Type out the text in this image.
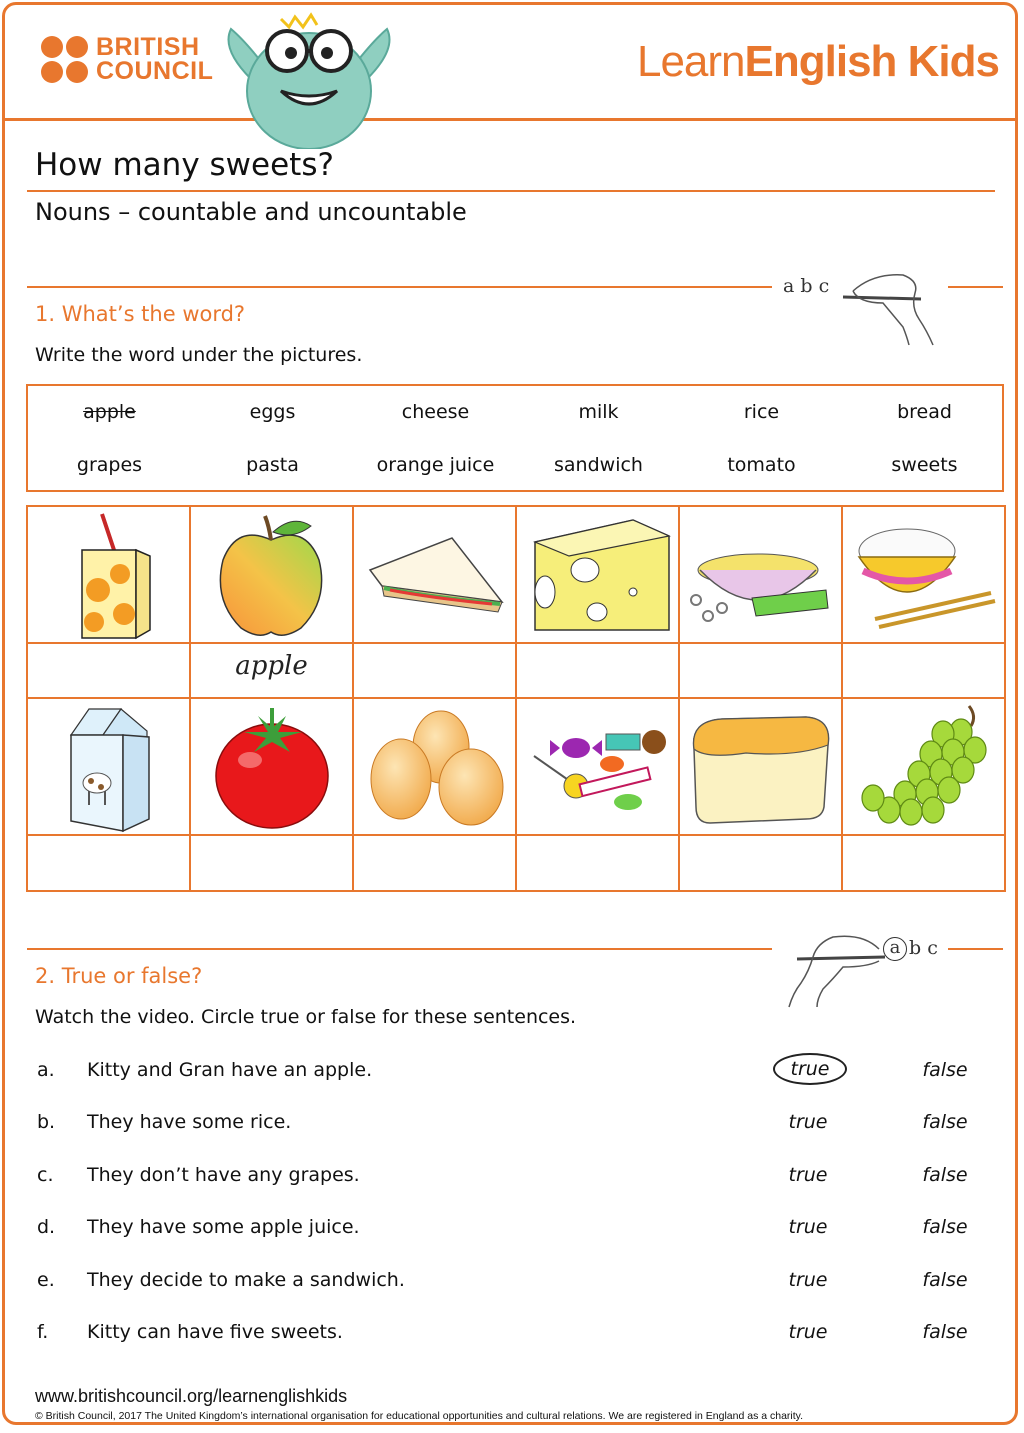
BRITISH
COUNCIL	LearnEnglish Kids
How many sweets?
Nouns – countable and uncountable
a b c
1. What’s the word?
Write the word under the pictures.
apple	eggs	cheese	milk	rice	bread
grapes	pasta	orange juice	sandwich	tomato	sweets
apple
a b c
2. True or false?
Watch the video. Circle true or false for these sentences.
a. Kitty and Gran have an apple.	true	false
b. They have some rice.	true	false
c. They don’t have any grapes.	true	false
d. They have some apple juice.	true	false
e. They decide to make a sandwich.	true	false
f. Kitty can have five sweets.	true	false
www.britishcouncil.org/learnenglishkids
© British Council, 2017 The United Kingdom’s international organisation for educational opportunities and cultural relations. We are registered in England as a charity.
